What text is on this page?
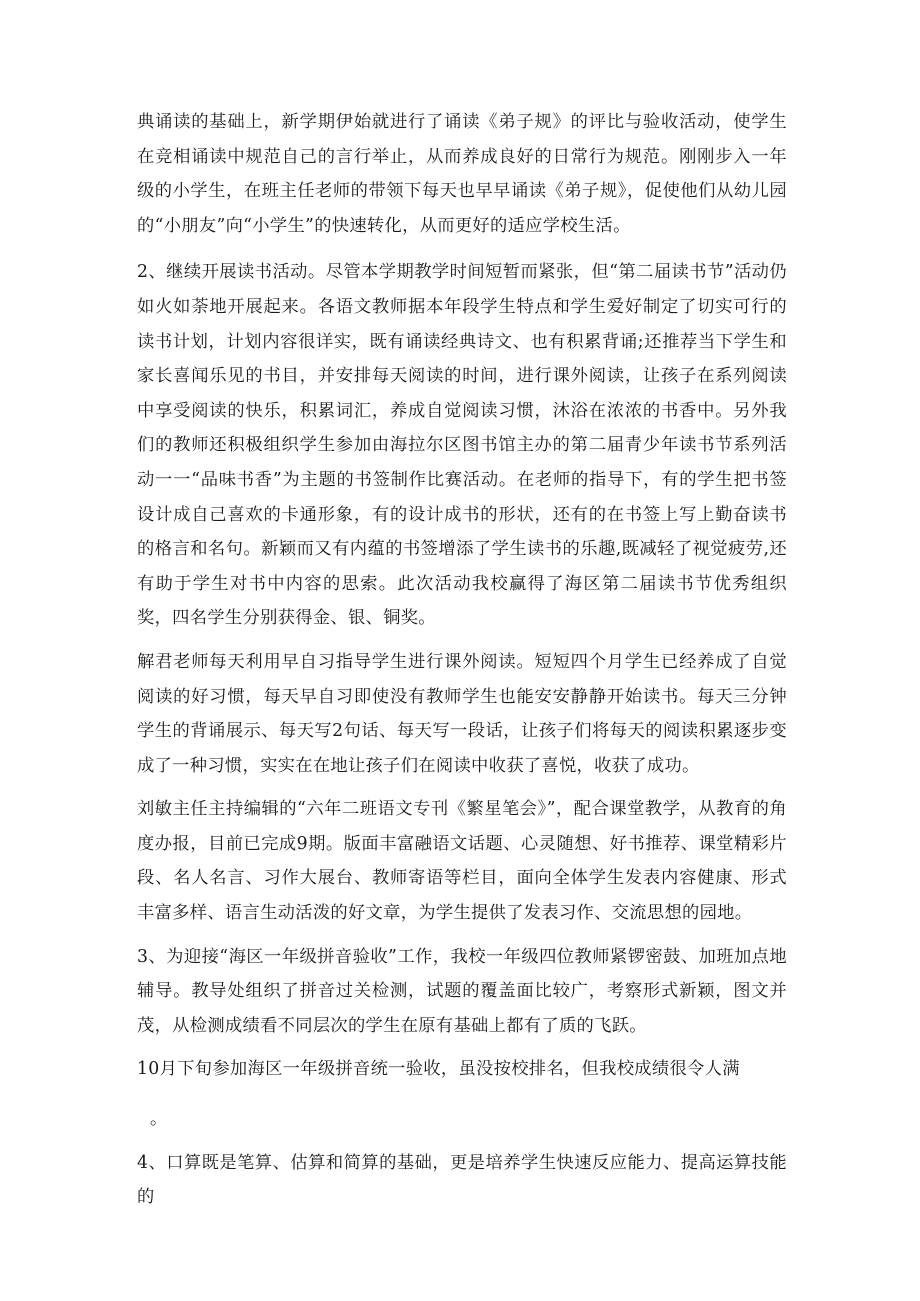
典诵读的基础上，新学期伊始就进行了诵读《弟子规》的评比与验收活动，使学生在竞相诵读中规范自己的言行举止，从而养成良好的日常行为规范。刚刚步入一年级的小学生，在班主任老师的带领下每天也早早诵读《弟子规》，促使他们从幼儿园的“小朋友”向“小学生”的快速转化，从而更好的适应学校生活。

2、继续开展读书活动。尽管本学期教学时间短暂而紧张，但“第二届读书节”活动仍如火如荼地开展起来。各语文教师据本年段学生特点和学生爱好制定了切实可行的读书计划，计划内容很详实，既有诵读经典诗文、也有积累背诵;还推荐当下学生和家长喜闻乐见的书目，并安排每天阅读的时间，进行课外阅读，让孩子在系列阅读中享受阅读的快乐，积累词汇，养成自觉阅读习惯，沐浴在浓浓的书香中。另外我们的教师还积极组织学生参加由海拉尔区图书馆主办的第二届青少年读书节系列活动一一“品味书香”为主题的书签制作比赛活动。在老师的指导下，有的学生把书签设计成自己喜欢的卡通形象，有的设计成书的形状，还有的在书签上写上勤奋读书的格言和名句。新颖而又有内蕴的书签增添了学生读书的乐趣,既减轻了视觉疲劳,还有助于学生对书中内容的思索。此次活动我校赢得了海区第二届读书节优秀组织奖，四名学生分别获得金、银、铜奖。

解君老师每天利用早自习指导学生进行课外阅读。短短四个月学生已经养成了自觉阅读的好习惯，每天早自习即使没有教师学生也能安安静静开始读书。每天三分钟学生的背诵展示、每天写2句话、每天写一段话，让孩子们将每天的阅读积累逐步变成了一种习惯，实实在在地让孩子们在阅读中收获了喜悦，收获了成功。

刘敏主任主持编辑的“六年二班语文专刊《繁星笔会》”，配合课堂教学，从教育的角度办报，目前已完成9期。版面丰富融语文话题、心灵随想、好书推荐、课堂精彩片段、名人名言、习作大展台、教师寄语等栏目，面向全体学生发表内容健康、形式丰富多样、语言生动活泼的好文章，为学生提供了发表习作、交流思想的园地。

3、为迎接“海区一年级拼音验收”工作，我校一年级四位教师紧锣密鼓、加班加点地辅导。教导处组织了拼音过关检测，试题的覆盖面比较广，考察形式新颖，图文并茂，从检测成绩看不同层次的学生在原有基础上都有了质的飞跃。

10月下旬参加海区一年级拼音统一验收，虽没按校排名，但我校成绩很令人满

。

4、口算既是笔算、估算和简算的基础，更是培养学生快速反应能力、提高运算技能的
